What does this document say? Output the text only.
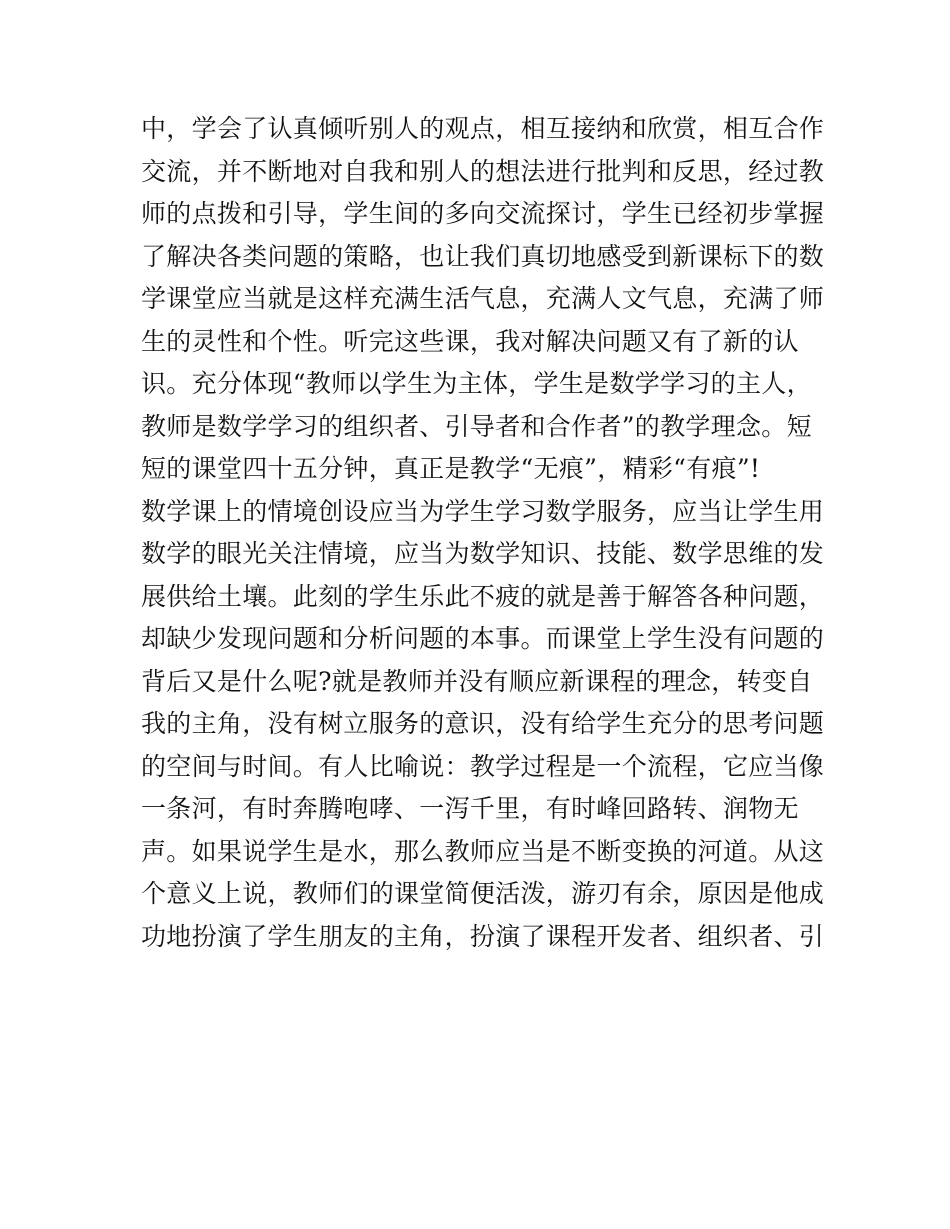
中，学会了认真倾听别人的观点，相互接纳和欣赏，相互合作
交流，并不断地对自我和别人的想法进行批判和反思，经过教
师的点拨和引导，学生间的多向交流探讨，学生已经初步掌握
了解决各类问题的策略，也让我们真切地感受到新课标下的数
学课堂应当就是这样充满生活气息，充满人文气息，充满了师
生的灵性和个性。听完这些课，我对解决问题又有了新的认
识。充分体现“教师以学生为主体，学生是数学学习的主人，
教师是数学学习的组织者、引导者和合作者”的教学理念。短
短的课堂四十五分钟，真正是教学“无痕”，精彩“有痕”!
数学课上的情境创设应当为学生学习数学服务，应当让学生用
数学的眼光关注情境，应当为数学知识、技能、数学思维的发
展供给土壤。此刻的学生乐此不疲的就是善于解答各种问题，
却缺少发现问题和分析问题的本事。而课堂上学生没有问题的
背后又是什么呢?就是教师并没有顺应新课程的理念，转变自
我的主角，没有树立服务的意识，没有给学生充分的思考问题
的空间与时间。有人比喻说：教学过程是一个流程，它应当像
一条河，有时奔腾咆哮、一泻千里，有时峰回路转、润物无
声。如果说学生是水，那么教师应当是不断变换的河道。从这
个意义上说，教师们的课堂简便活泼，游刃有余，原因是他成
功地扮演了学生朋友的主角，扮演了课程开发者、组织者、引
